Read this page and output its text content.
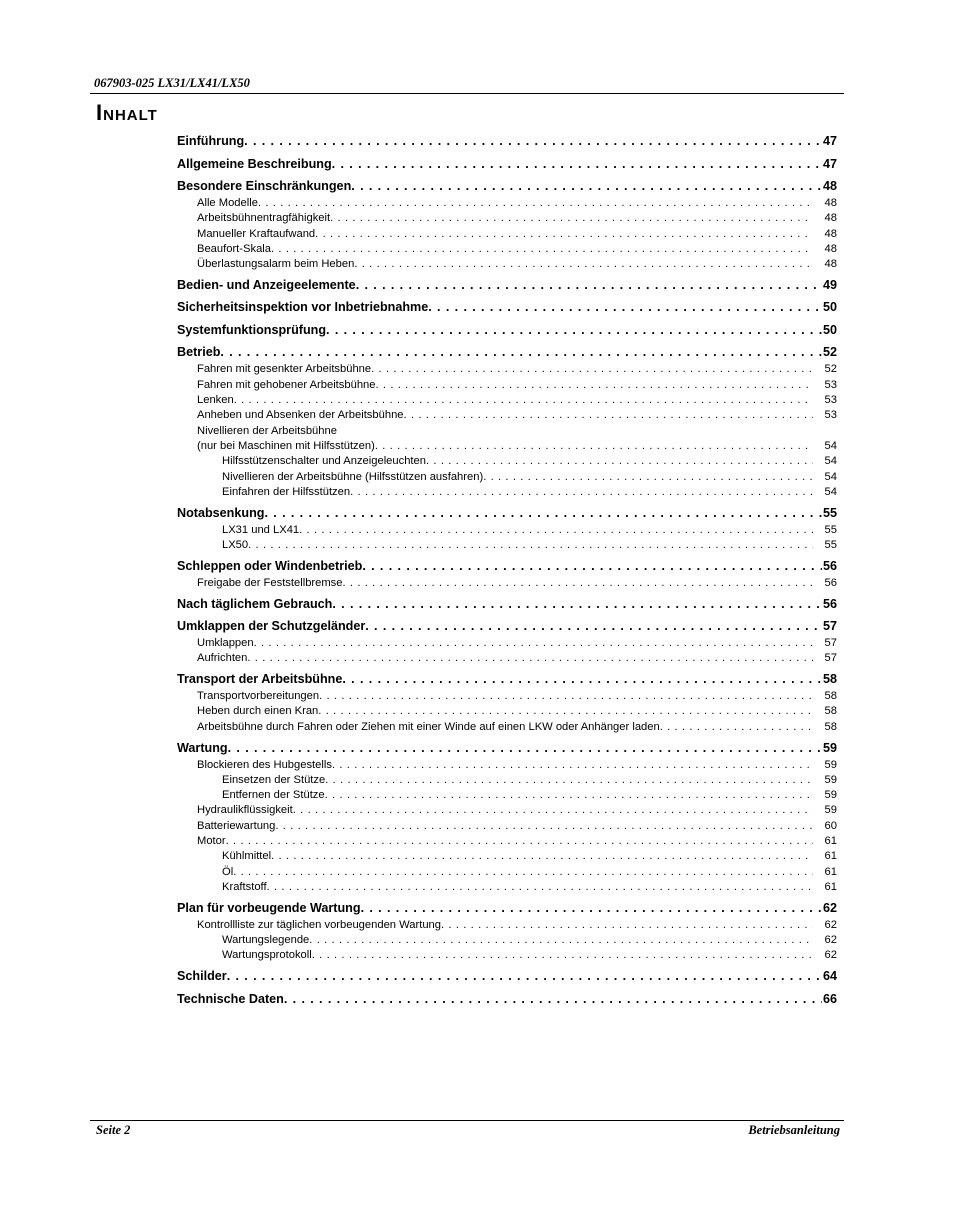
067903-025 LX31/LX41/LX50
Inhalt
Einführung . . .	47
Allgemeine Beschreibung . . .	47
Besondere Einschränkungen . . .	48
Alle Modelle . . .	48
Arbeitsbühnentragfähigkeit . . .	48
Manueller Kraftaufwand . . .	48
Beaufort-Skala . . .	48
Überlastungsalarm beim Heben . . .	48
Bedien- und Anzeigeelemente . . .	49
Sicherheitsinspektion vor Inbetriebnahme . . .	50
Systemfunktionsprüfung . . .	50
Betrieb . . .	52
Fahren mit gesenkter Arbeitsbühne . . .	52
Fahren mit gehobener Arbeitsbühne . . .	53
Lenken . . .	53
Anheben und Absenken der Arbeitsbühne . . .	53
Nivellieren der Arbeitsbühne
(nur bei Maschinen mit Hilfsstützen) . . .	54
Hilfsstützenschalter und Anzeigeleuchten . . .	54
Nivellieren der Arbeitsbühne (Hilfsstützen ausfahren) . . .	54
Einfahren der Hilfsstützen . . .	54
Notabsenkung . . .	55
LX31 und LX41 . . .	55
LX50 . . .	55
Schleppen oder Windenbetrieb . . .	56
Freigabe der Feststellbremse . . .	56
Nach täglichem Gebrauch . . .	56
Umklappen der Schutzgeländer . . .	57
Umklappen . . .	57
Aufrichten . . .	57
Transport der Arbeitsbühne . . .	58
Transportvorbereitungen . . .	58
Heben durch einen Kran . . .	58
Arbeitsbühne durch Fahren oder Ziehen mit einer Winde auf einen LKW oder Anhänger laden . . .	58
Wartung . . .	59
Blockieren des Hubgestells . . .	59
Einsetzen der Stütze . . .	59
Entfernen der Stütze . . .	59
Hydraulikflüssigkeit . . .	59
Batteriewartung . . .	60
Motor . . .	61
Kühlmittel . . .	61
Öl . . .	61
Kraftstoff . . .	61
Plan für vorbeugende Wartung . . .	62
Kontrollliste zur täglichen vorbeugenden Wartung . . .	62
Wartungslegende . . .	62
Wartungsprotokoll . . .	62
Schilder . . .	64
Technische Daten . . .	66
Seite 2	Betriebsanleitung
